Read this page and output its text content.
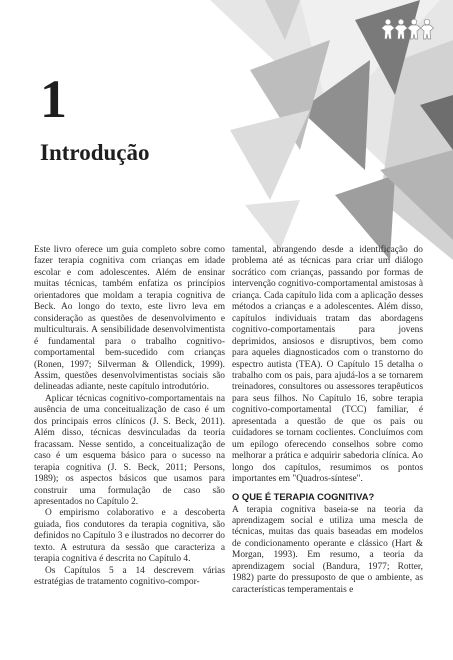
1
Introdução

Este livro oferece um guia completo sobre como fazer terapia cognitiva com crianças em idade escolar e com adolescentes. Além de ensinar muitas técnicas, também enfatiza os princípios orientadores que moldam a terapia cognitiva de Beck. Ao longo do texto, este livro leva em consideração as questões de desenvolvimento e multiculturais. A sensibilidade desenvolvimentista é fundamental para o trabalho cognitivo-comportamental bem-sucedido com crianças (Ronen, 1997; Silverman & Ollendick, 1999). Assim, questões desenvolvimentistas sociais são delineadas adiante, neste capítulo introdutório.

Aplicar técnicas cognitivo-comportamentais na ausência de uma conceitualização de caso é um dos principais erros clínicos (J. S. Beck, 2011). Além disso, técnicas desvinculadas da teoria fracassam. Nesse sentido, a conceitualização de caso é um esquema básico para o sucesso na terapia cognitiva (J. S. Beck, 2011; Persons, 1989); os aspectos básicos que usamos para construir uma formulação de caso são apresentados no Capítulo 2.

O empirismo colaborativo e a descoberta guiada, fios condutores da terapia cognitiva, são definidos no Capítulo 3 e ilustrados no decorrer do texto. A estrutura da sessão que caracteriza a terapia cognitiva é descrita no Capítulo 4.

Os Capítulos 5 a 14 descrevem várias estratégias de tratamento cognitivo-compor-

tamental, abrangendo desde a identificação do problema até as técnicas para criar um diálogo socrático com crianças, passando por formas de intervenção cognitivo-comportamental amistosas à criança. Cada capítulo lida com a aplicação desses métodos a crianças e a adolescentes. Além disso, capítulos individuais tratam das abordagens cognitivo-comportamentais para jovens deprimidos, ansiosos e disruptivos, bem como para aqueles diagnosticados com o transtorno do espectro autista (TEA). O Capítulo 15 detalha o trabalho com os pais, para ajudá-los a se tornarem treinadores, consultores ou assessores terapêuticos para seus filhos. No Capítulo 16, sobre terapia cognitivo-comportamental (TCC) familiar, é apresentada a questão de que os pais ou cuidadores se tornam coclientes. Concluímos com um epílogo oferecendo conselhos sobre como melhorar a prática e adquirir sabedoria clínica. Ao longo dos capítulos, resumimos os pontos importantes em "Quadros-síntese".

O QUE É TERAPIA COGNITIVA?

A terapia cognitiva baseia-se na teoria da aprendizagem social e utiliza uma mescla de técnicas, muitas das quais baseadas em modelos de condicionamento operante e clássico (Hart & Morgan, 1993). Em resumo, a teoria da aprendizagem social (Bandura, 1977; Rotter, 1982) parte do pressuposto de que o ambiente, as características temperamentais e
